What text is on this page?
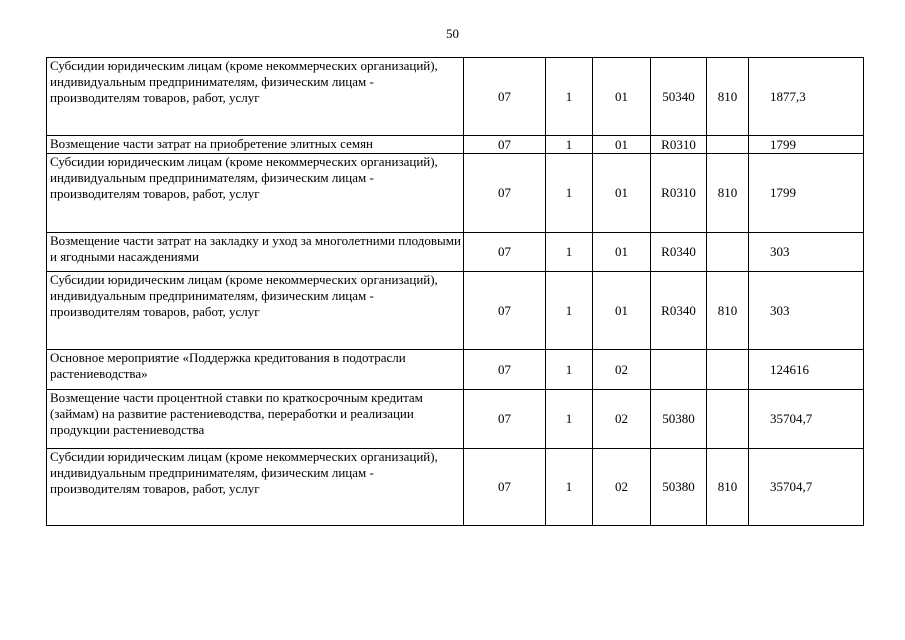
50
Субсидии юридическим лицам (кроме некоммерческих организаций), индивидуальным предпринимателям, физическим лицам - производителям товаров, работ, услуг	07	1	01	50340	810	1877,3
Возмещение части затрат на приобретение элитных семян	07	1	01	R0310		1799
Субсидии юридическим лицам (кроме некоммерческих организаций), индивидуальным предпринимателям, физическим лицам - производителям товаров, работ, услуг	07	1	01	R0310	810	1799
Возмещение части затрат на закладку и уход за многолетними плодовыми и ягодными насаждениями	07	1	01	R0340		303
Субсидии юридическим лицам (кроме некоммерческих организаций), индивидуальным предпринимателям, физическим лицам - производителям товаров, работ, услуг	07	1	01	R0340	810	303
Основное мероприятие «Поддержка кредитования в подотрасли растениеводства»	07	1	02			124616
Возмещение части процентной ставки по краткосрочным кредитам (займам) на развитие растениеводства, переработки и реализации продукции растениеводства	07	1	02	50380		35704,7
Субсидии юридическим лицам (кроме некоммерческих организаций), индивидуальным предпринимателям, физическим лицам - производителям товаров, работ, услуг	07	1	02	50380	810	35704,7
